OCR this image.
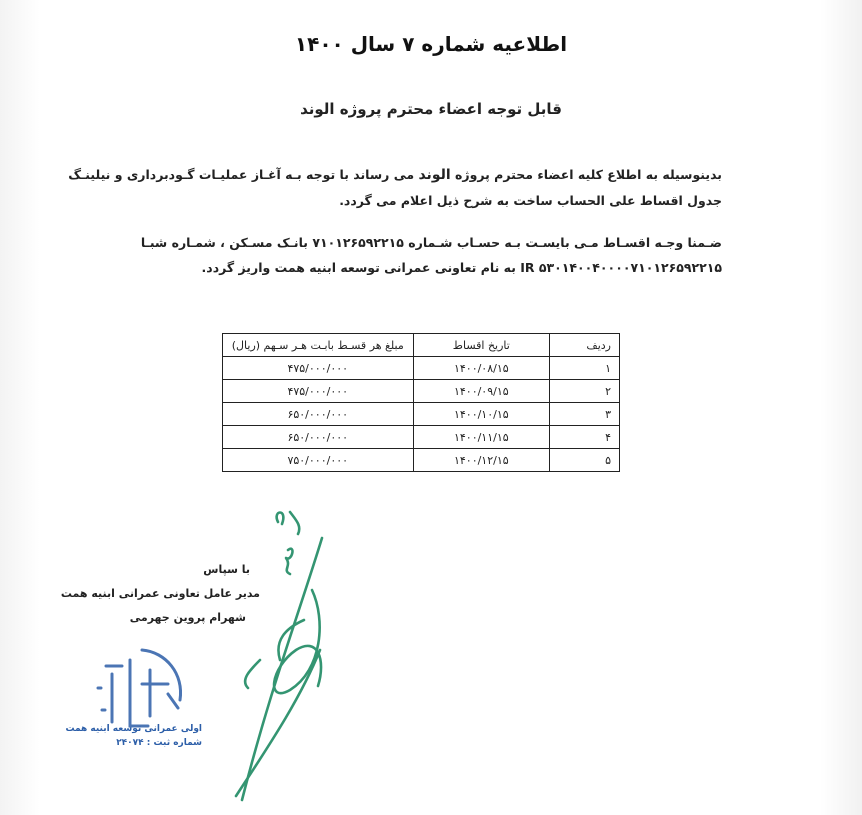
اطلاعیه شماره ۷ سال ۱۴۰۰
قابل توجه اعضاء محترم پروژه الوند
بدینوسیله به اطلاع کلیه اعضاء محترم پروژه الوند می رساند با توجه بـه آغـاز عملیـات گـودبرداری و نیلینـگ
جدول اقساط علی الحساب ساخت به شرح ذیل اعلام می گردد.
ضـمنا وجـه اقسـاط مـی بایسـت بـه حسـاب شـماره ۷۱۰۱۲۶۵۹۲۲۱۵ بانـک مسـکن ، شمـاره شبـا
IR ۵۳۰۱۴۰۰۴۰۰۰۰۷۱۰۱۲۶۵۹۲۲۱۵ به نام تعاونی عمرانی توسعه ابنیه همت واریز گردد.
ردیف	تاریخ اقساط	مبلغ هر قسـط بابـت هـر سـهم (ریال)
۱	۱۴۰۰/۰۸/۱۵	۴۷۵/۰۰۰/۰۰۰
۲	۱۴۰۰/۰۹/۱۵	۴۷۵/۰۰۰/۰۰۰
۳	۱۴۰۰/۱۰/۱۵	۶۵۰/۰۰۰/۰۰۰
۴	۱۴۰۰/۱۱/۱۵	۶۵۰/۰۰۰/۰۰۰
۵	۱۴۰۰/۱۲/۱۵	۷۵۰/۰۰۰/۰۰۰
اولی عمرانی توسعه ابنیه همت
شماره ثبت : ۲۴۰۷۴
با سپاس
مدیر عامل تعاونی عمرانی ابنیه همت
شهرام پروین جهرمی
